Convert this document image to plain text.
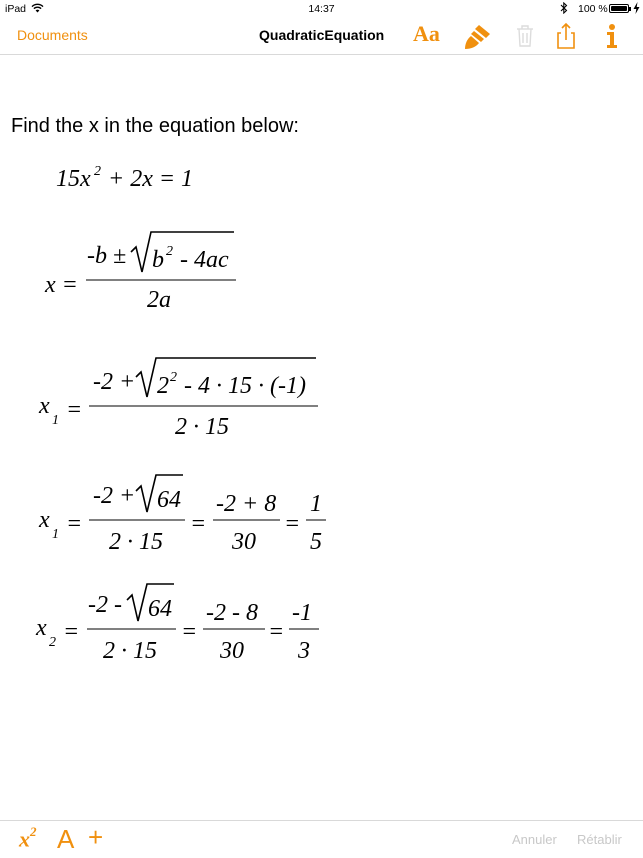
iPad	14:37	100 %
Documents	QuadraticEquation Aa
Find the x in the equation below:
15x 2 + 2x = 1
x =
-b ± b 2 - 4ac
2a
x
1 =
-2 + 2 2 - 4 · 15 · (-1)
2 · 15
x
1 =
-2 + 64
2 · 15
=
-2 + 8
30
=
1
5
x
2 =
-2 - 64
2 · 15
=
-2 - 8
30
=
-1
3
$x^2$ A +	Annuler Rétablir
